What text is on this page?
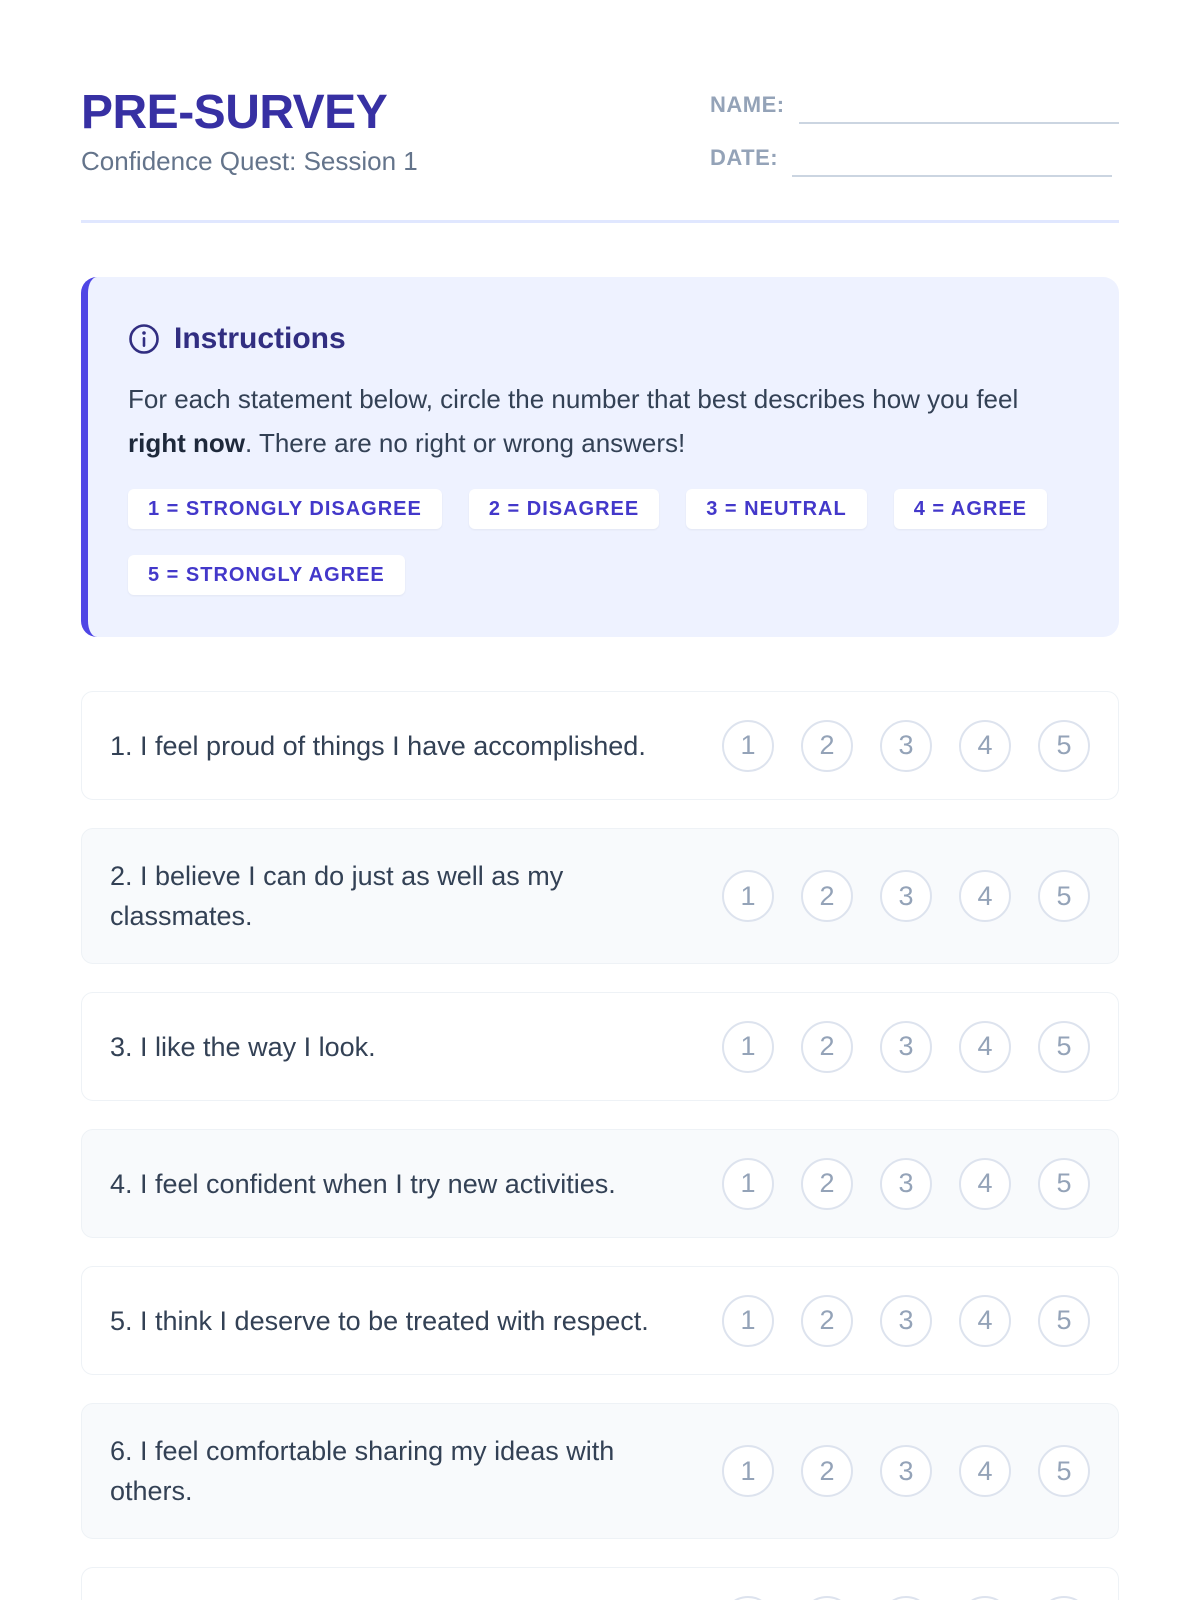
PRE-SURVEY
Confidence Quest: Session 1
NAME:
DATE:
Instructions

For each statement below, circle the number that best describes how you feel right now. There are no right or wrong answers!

1 = STRONGLY DISAGREE	2 = DISAGREE	3 = NEUTRAL	4 = AGREE
5 = STRONGLY AGREE
1. I feel proud of things I have accomplished.	1	2	3	4	5
2. I believe I can do just as well as my classmates.
1	2	3	4	5
3. I like the way I look.	1	2	3	4	5
4. I feel confident when I try new activities.	1	2	3	4	5
5. I think I deserve to be treated with respect.	1	2	3	4	5
6. I feel comfortable sharing my ideas with others.
1	2	3	4	5
